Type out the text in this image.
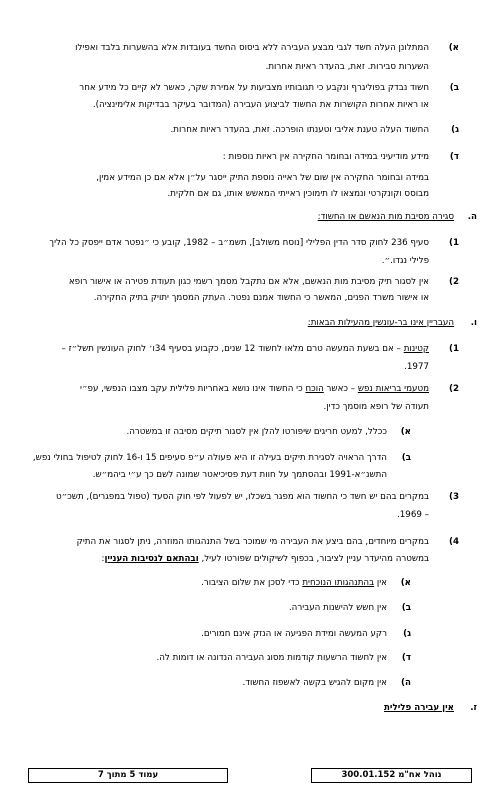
א)
המתלונן העלה חשד לגבי מבצע העבירה ללא ביסוס החשד בעובדות אלא בהשערות בלבד ואפילו
השערות סבירות. זאת, בהעדר ראיות אחרות.
ב)
חשוד נבדק בפוליגרף ונקבע כי תגובותיו מצביעות על אמירת שקר, כאשר לא קיים כל מידע אחר
או ראיות אחרות הקושרות את החשוד לביצוע העבירה (המדובר בעיקר בבדיקות אלימינציה).
ג)
החשוד העלה טענת אליבי וטענתו הופרכה. זאת, בהעדר ראיות אחרות.
ד)
מידע מודיעיני במידה ובחומר החקירה אין ראיות נוספות :
במידה ובחומר החקירה אין שום של ראייה נוספת התיק ייסגר על״ן אלא אם כן המידע אמין,
מבוסס וקונקרטי ונמצאו לו תימוכין ראייתי המאשש אותו, גם אם חלקית.
ה.
סגירה מסיבת מות הנאשם או החשוד:
1)
סעיף 236 לחוק סדר הדין הפלילי [נוסח משולב], תשמ״ב – 1982, קובע כי ״נפטר אדם ייפסק כל הליך
פלילי נגדו.״.
2)
אין לסגור תיק מסיבת מות הנאשם, אלא אם נתקבל מסמך רשמי כגון תעודת פטירה או אישור רופא
או אישור משרד הפנים, המאשר כי החשוד אמנם נפטר. העתק המסמך יתויק בתיק החקירה.
ו.
העבריין אינו בר-עונשין מהעילות הבאות:
1)
קטינות – אם בשעת המעשה טרם מלאו לחשוד 12 שנים, כקבוע בסעיף 34ו׳ לחוק העונשין תשל״ז –
1977.
2)
מטעמי בריאות נפש – כאשר הוכח כי החשוד אינו נושא באחריות פלילית עקב מצבו הנפשי, עפ״י
תעודה של רופא מוסמך כדין.
א)
ככלל, למעט חריגים שיפורטו להלן אין לסגור תיקים מסיבה זו במשטרה.
ב)
הדרך הראויה לסגירת תיקים בעילה זו היא פעולה ע״פ סעיפים 15 ו-16 לחוק לטיפול בחולי נפש,
התשנ״א-1991 ובהסתמך על חוות דעת פסיכיאטר שמונה לשם כך ע״י ביהמ״ש.
3)
במקרים בהם יש חשד כי החשוד הוא מפגר בשכלו, יש לפעול לפי חוק הסעד (טפול במפגרים), תשכ״ט
– 1969.
4)
במקרים מיוחדים, בהם ביצע את העבירה מי שמוכר בשל התנהגותו המוזרה, ניתן לסגור את התיק
במשטרה מהיעדר עניין לציבור, בכפוף לשיקולים שפורטו לעיל, ובהתאם לנסיבות העניין:
א)
אין בהתנהגותו הנוכחית כדי לסכן את שלום הציבור.
ב)
אין חשש להישנות העבירה.
ג)
רקע המעשה ומידת הפגיעה או הנזק אינם חמורים.
ד)
אין לחשוד הרשעות קודמות מסוג העבירה הנדונה או דומות לה.
ה)
אין מקום להגיש בקשה לאשפוז החשוד.
ז.
אין עבירה פלילית
עמוד 5 מתוך 7	נוהל אח"מ 300.01.152
